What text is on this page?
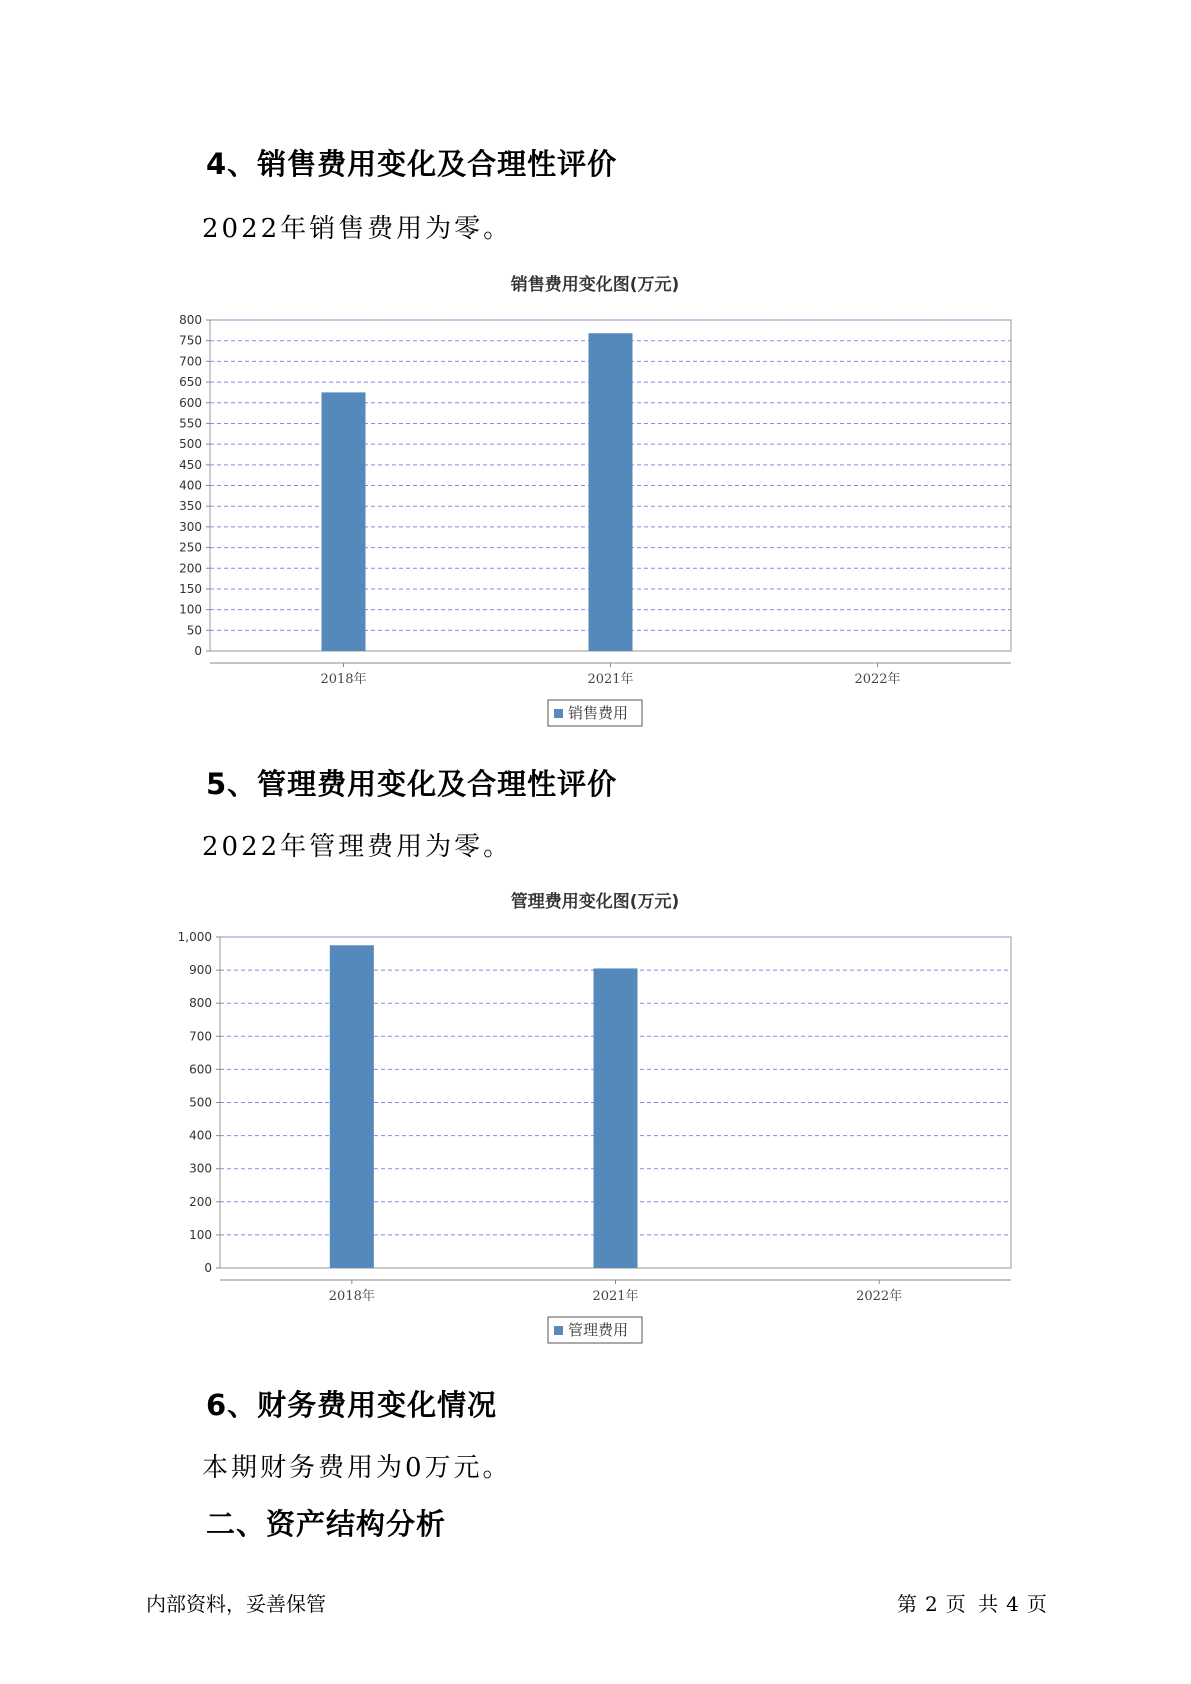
4、销售费用变化及合理性评价

2022年销售费用为零。

销售费用变化图(万元)
0
50
100
150
200
250
300
350
400
450
500
550
600
650
700
750
800
2018年	2021年	2022年
销售费用
5、管理费用变化及合理性评价

2022年管理费用为零。

管理费用变化图(万元)
0
100
200
300
400
500
600
700
800
900
1,000
2018年	2021年	2022年
管理费用
6、财务费用变化情况

本期财务费用为0万元。

二、资产结构分析
内部资料，妥善保管	第 2 页 共 4 页
